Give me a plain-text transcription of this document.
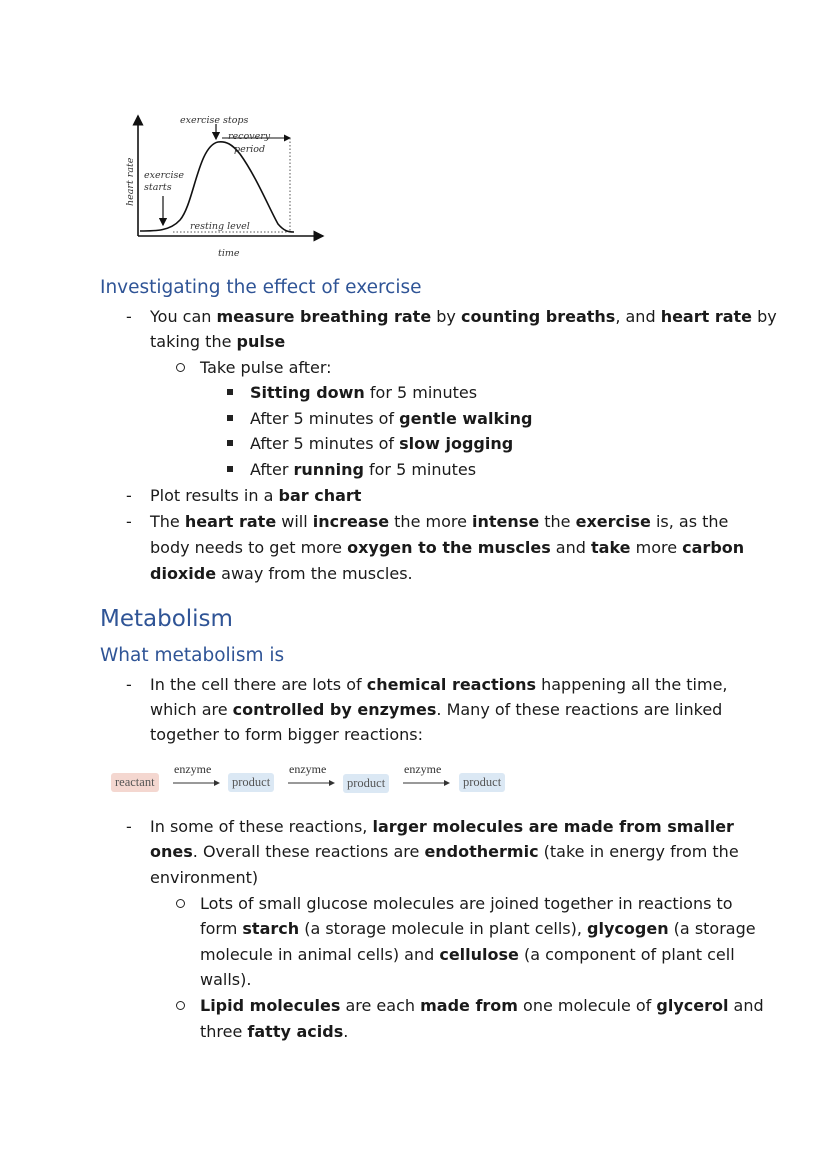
exercise stops
recovery
period
exercise
starts
resting level
time
heart rate
Investigating the effect of exercise
- You can measure breathing rate by counting breaths, and heart rate by
taking the pulse
Take pulse after:
Sitting down for 5 minutes
After 5 minutes of gentle walking
After 5 minutes of slow jogging
After running for 5 minutes
- Plot results in a bar chart
- The heart rate will increase the more intense the exercise is, as the
body needs to get more oxygen to the muscles and take more carbon
dioxide away from the muscles.
Metabolism
What metabolism is
- In the cell there are lots of chemical reactions happening all the time,
which are controlled by enzymes. Many of these reactions are linked
together to form bigger reactions:
reactant
enzyme
→ product
enzyme
→ product
enzyme
→ product
- In some of these reactions, larger molecules are made from smaller
ones. Overall these reactions are endothermic (take in energy from the
environment)
Lots of small glucose molecules are joined together in reactions to
form starch (a storage molecule in plant cells), glycogen (a storage
molecule in animal cells) and cellulose (a component of plant cell
walls).
Lipid molecules are each made from one molecule of glycerol and
three fatty acids.
